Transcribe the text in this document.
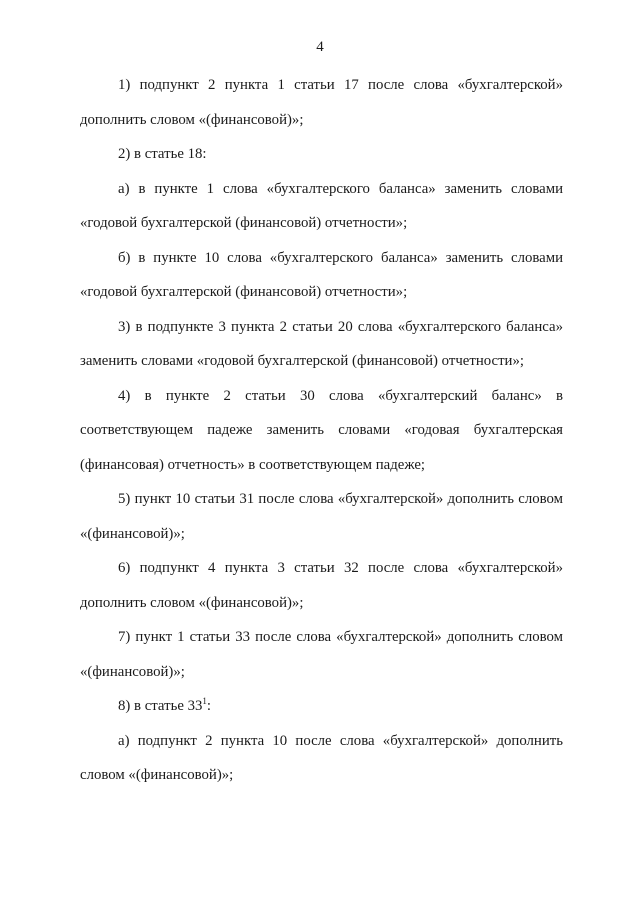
4

1) подпункт 2 пункта 1 статьи 17 после слова «бухгалтерской» дополнить словом «(финансовой)»;

2) в статье 18:

а) в пункте 1 слова «бухгалтерского баланса» заменить словами «годовой бухгалтерской (финансовой) отчетности»;

б) в пункте 10 слова «бухгалтерского баланса» заменить словами «годовой бухгалтерской (финансовой) отчетности»;

3) в подпункте 3 пункта 2 статьи 20 слова «бухгалтерского баланса» заменить словами «годовой бухгалтерской (финансовой) отчетности»;

4) в пункте 2 статьи 30 слова «бухгалтерский баланс» в соответствующем падеже заменить словами «годовая бухгалтерская (финансовая) отчетность» в соответствующем падеже;

5) пункт 10 статьи 31 после слова «бухгалтерской» дополнить словом «(финансовой)»;

6) подпункт 4 пункта 3 статьи 32 после слова «бухгалтерской» дополнить словом «(финансовой)»;

7) пункт 1 статьи 33 после слова «бухгалтерской» дополнить словом «(финансовой)»;

8) в статье $33^1$:

а) подпункт 2 пункта 10 после слова «бухгалтерской» дополнить словом «(финансовой)»;
